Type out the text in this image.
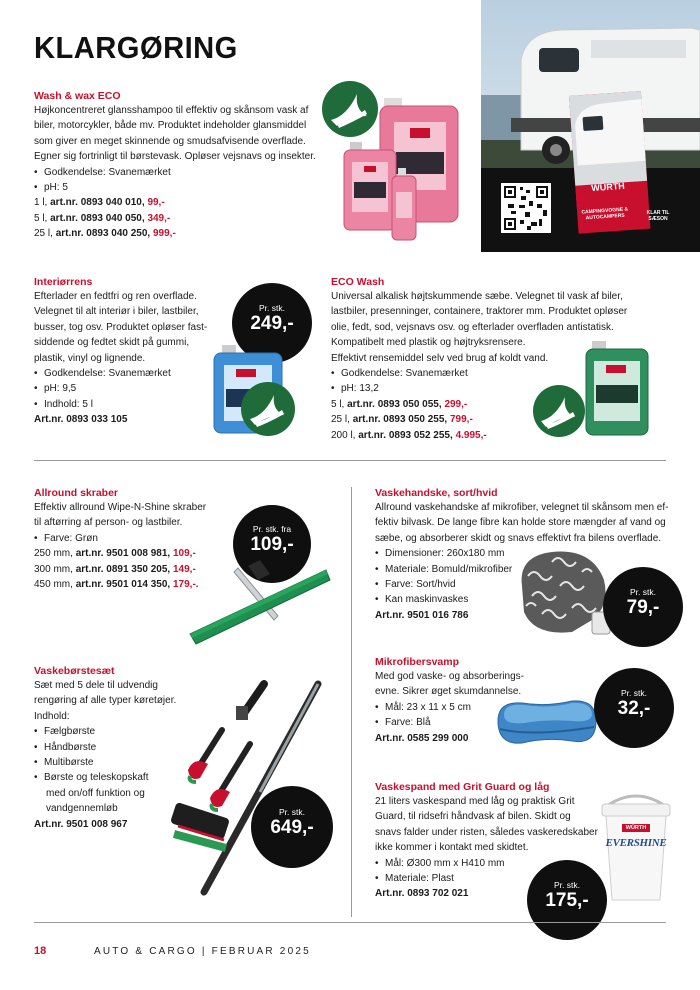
KLARGØRING
WÜRTH
CAMPINGVOGNE & AUTOCAMPERS	KLAR TIL SÆSON
Wash & wax ECO
Højkoncentreret glansshampoo til effektiv og skånsom vask af
biler, motorcykler, både mv. Produktet indeholder glansmiddel
som giver en meget skinnende og smudsafvisende overflade.
Egner sig fortrinligt til børstevask. Opløser vejsnavs og insekter.
• Godkendelse: Svanemærket
• pH: 5
1 l, art.nr. 0893 040 010, 99,-
5 l, art.nr. 0893 040 050, 349,-
25 l, art.nr. 0893 040 250, 999,-
Interiørrens
Efterlader en fedtfri og ren overflade.
Velegnet til alt interiør i biler, lastbiler,
busser, tog osv. Produktet opløser fast-
siddende og fedtet skidt på gummi,
plastik, vinyl og lignende.
• Godkendelse: Svanemærket
• pH: 9,5
• Indhold: 5 l
Art.nr. 0893 033 105
Pr. stk.
249,-
ECO Wash
Universal alkalisk højtskummende sæbe. Velegnet til vask af biler,
lastbiler, presenninger, containere, traktorer mm. Produktet opløser
olie, fedt, sod, vejsnavs osv. og efterlader overfladen antistatisk.
Kompatibelt med plastik og højtryksrensere.
Effektivt rensemiddel selv ved brug af koldt vand.
• Godkendelse: Svanemærket
• pH: 13,2
5 l, art.nr. 0893 050 055, 299,-
25 l, art.nr. 0893 050 255, 799,-
200 l, art.nr. 0893 052 255, 4.995,-
Allround skraber
Effektiv allround Wipe-N-Shine skraber
til aftørring af person- og lastbiler.
• Farve: Grøn
250 mm, art.nr. 9501 008 981, 109,-
300 mm, art.nr. 0891 350 205, 149,-
450 mm, art.nr. 9501 014 350, 179,-.
Pr. stk. fra
109,-
Vaskehandske, sort/hvid
Allround vaskehandske af mikrofiber, velegnet til skånsom men ef-
fektiv bilvask. De lange fibre kan holde store mængder af vand og
sæbe, og absorberer skidt og snavs effektivt fra bilens overflade.
• Dimensioner: 260x180 mm
• Materiale: Bomuld/mikrofiber
• Farve: Sort/hvid
• Kan maskinvaskes
Art.nr. 9501 016 786
Pr. stk.
79,-
Vaskebørstesæt
Sæt med 5 dele til udvendig
rengøring af alle typer køretøjer.
Indhold:
• Fælgbørste
• Håndbørste
• Multibørste
• Børste og teleskopskaft
med on/off funktion og
vandgennemløb
Art.nr. 9501 008 967
Pr. stk.
649,-
Mikrofibersvamp
Med god vaske- og absorberings-
evne. Sikrer øget skumdannelse.
• Mål: 23 x 11 x 5 cm
• Farve: Blå
Art.nr. 0585 299 000
Pr. stk.
32,-
Vaskespand med Grit Guard og låg
21 liters vaskespand med låg og praktisk Grit
Guard, til ridsefri håndvask af bilen. Skidt og
snavs falder under risten, således vaskeredskaber
ikke kommer i kontakt med skidtet.
• Mål: Ø300 mm x H410 mm
• Materiale: Plast
Art.nr. 0893 702 021
EVERSHINE
WÜRTH
Pr. stk.
175,-
18	AUTO & CARGO | FEBRUAR 2025
